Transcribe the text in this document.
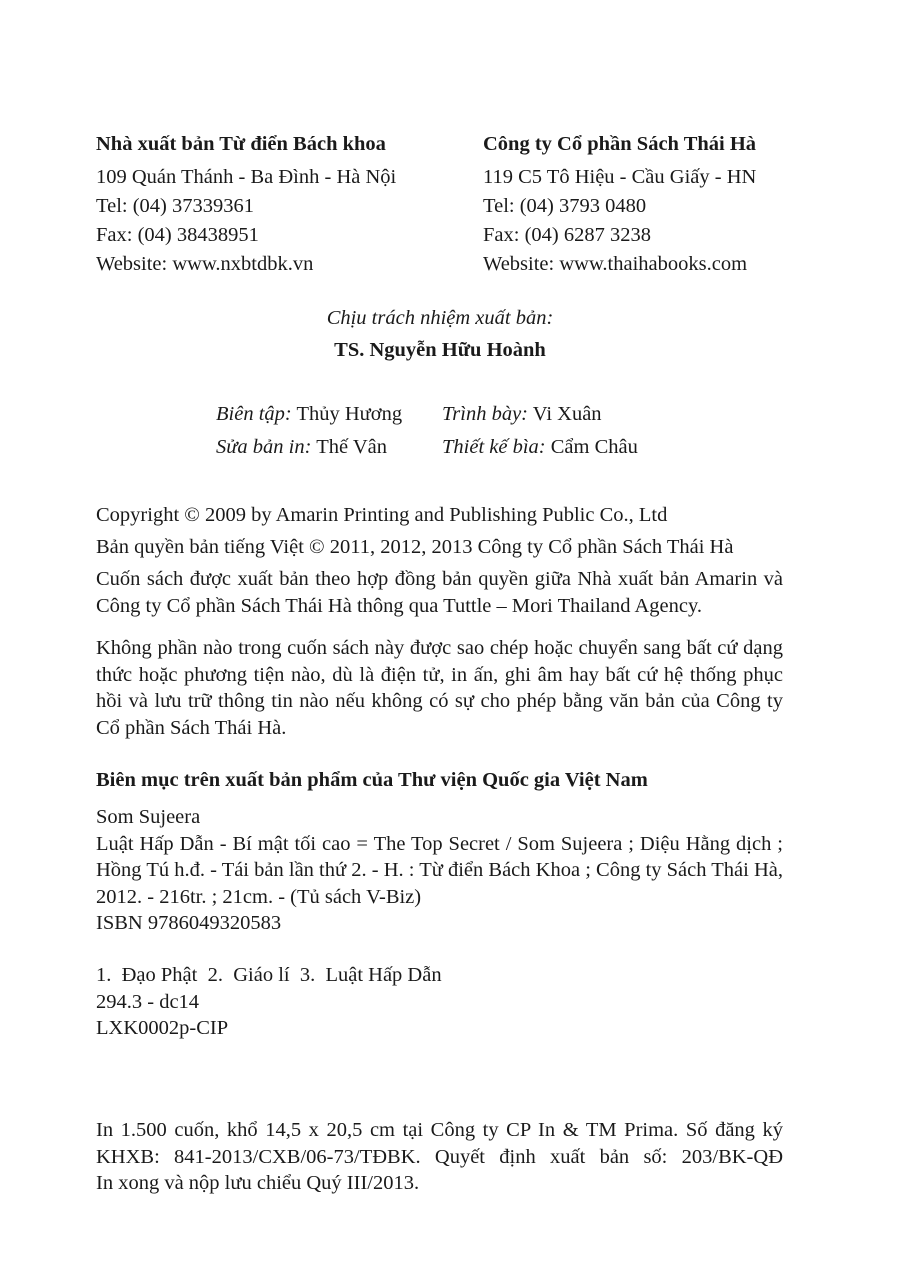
Nhà xuất bản Từ điển Bách khoa
109 Quán Thánh - Ba Đình - Hà Nội
Tel: (04) 37339361
Fax: (04) 38438951
Website: www.nxbtdbk.vn
Công ty Cổ phần Sách Thái Hà
119 C5 Tô Hiệu - Cầu Giấy - HN
Tel: (04) 3793 0480
Fax: (04) 6287 3238
Website: www.thaihabooks.com
Chịu trách nhiệm xuất bản:
TS. Nguyễn Hữu Hoành
Biên tập: Thủy Hương Trình bày: Vi Xuân
Sửa bản in: Thế Vân	Thiết kế bìa: Cẩm Châu
Copyright © 2009 by Amarin Printing and Publishing Public Co., Ltd
Bản quyền bản tiếng Việt © 2011, 2012, 2013 Công ty Cổ phần Sách Thái Hà
Cuốn sách được xuất bản theo hợp đồng bản quyền giữa Nhà xuất bản Amarin và Công ty Cổ phần Sách Thái Hà thông qua Tuttle – Mori Thailand Agency.
Không phần nào trong cuốn sách này được sao chép hoặc chuyển sang bất cứ dạng thức hoặc phương tiện nào, dù là điện tử, in ấn, ghi âm hay bất cứ hệ thống phục hồi và lưu trữ thông tin nào nếu không có sự cho phép bằng văn bản của Công ty Cổ phần Sách Thái Hà.
Biên mục trên xuất bản phẩm của Thư viện Quốc gia Việt Nam
Som Sujeera
Luật Hấp Dẫn - Bí mật tối cao = The Top Secret / Som Sujeera ; Diệu Hằng dịch ; Hồng Tú h.đ. - Tái bản lần thứ 2. - H. : Từ điển Bách Khoa ; Công ty Sách Thái Hà, 2012. - 216tr. ; 21cm. - (Tủ sách V-Biz)
ISBN 9786049320583
1.  Đạo Phật  2.  Giáo lí  3.  Luật Hấp Dẫn
294.3 - dc14
LXK0002p-CIP
In 1.500 cuốn, khổ 14,5 x 20,5 cm tại Công ty CP In & TM Prima. Số đăng ký
KHXB: 841-2013/CXB/06-73/TĐBK. Quyết định xuất bản số: 203/BK-QĐ
In xong và nộp lưu chiểu Quý III/2013.
